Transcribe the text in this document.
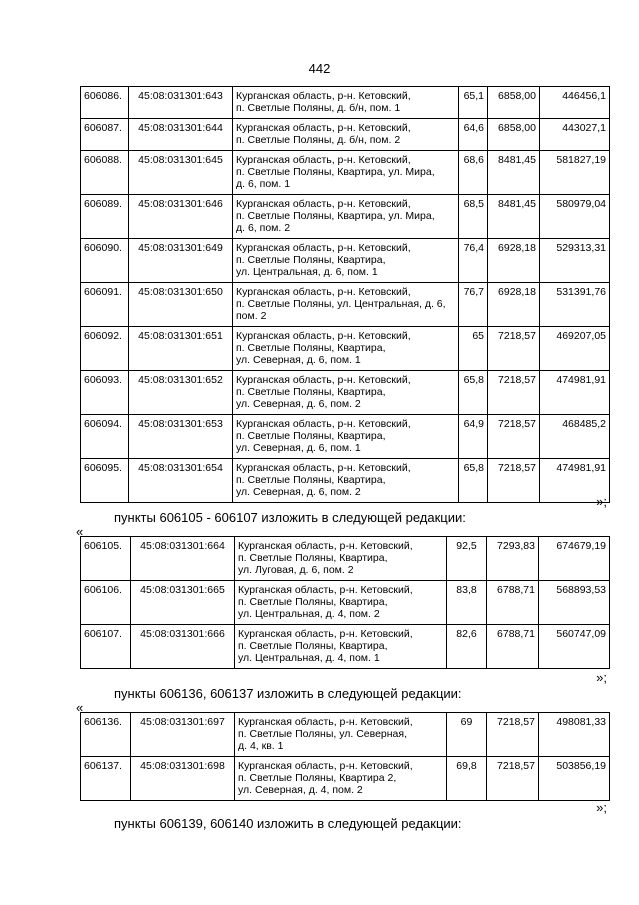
442
606086.	45:08:031301:643	Курганская область, р-н. Кетовский,
п. Светлые Поляны, д. б/н, пом. 1	65,1	6858,00	446456,1
606087.	45:08:031301:644	Курганская область, р-н. Кетовский,
п. Светлые Поляны, д. б/н, пом. 2	64,6	6858,00	443027,1
606088.	45:08:031301:645	Курганская область, р-н. Кетовский,
п. Светлые Поляны, Квартира, ул. Мира,
д. 6, пом. 1	68,6	8481,45	581827,19
606089.	45:08:031301:646	Курганская область, р-н. Кетовский,
п. Светлые Поляны, Квартира, ул. Мира,
д. 6, пом. 2	68,5	8481,45	580979,04
606090.	45:08:031301:649	Курганская область, р-н. Кетовский,
п. Светлые Поляны, Квартира,
ул. Центральная, д. 6, пом. 1	76,4	6928,18	529313,31
606091.	45:08:031301:650	Курганская область, р-н. Кетовский,
п. Светлые Поляны, ул. Центральная, д. 6,
пом. 2	76,7	6928,18	531391,76
606092.	45:08:031301:651	Курганская область, р-н. Кетовский,
п. Светлые Поляны, Квартира,
ул. Северная, д. 6, пом. 1	65	7218,57	469207,05
606093.	45:08:031301:652	Курганская область, р-н. Кетовский,
п. Светлые Поляны, Квартира,
ул. Северная, д. 6, пом. 2	65,8	7218,57	474981,91
606094.	45:08:031301:653	Курганская область, р-н. Кетовский,
п. Светлые Поляны, Квартира,
ул. Северная, д. 6, пом. 1	64,9	7218,57	468485,2
606095.	45:08:031301:654	Курганская область, р-н. Кетовский,
п. Светлые Поляны, Квартира,
ул. Северная, д. 6, пом. 2	65,8	7218,57	474981,91
»;
пункты 606105 - 606107 изложить в следующей редакции:
«
606105.	45:08:031301:664	Курганская область, р-н. Кетовский,
п. Светлые Поляны, Квартира,
ул. Луговая, д. 6, пом. 2	92,5	7293,83	674679,19
606106.	45:08:031301:665	Курганская область, р-н. Кетовский,
п. Светлые Поляны, Квартира,
ул. Центральная, д. 4, пом. 2	83,8	6788,71	568893,53
606107.	45:08:031301:666	Курганская область, р-н. Кетовский,
п. Светлые Поляны, Квартира,
ул. Центральная, д. 4, пом. 1	82,6	6788,71	560747,09
»;
пункты 606136, 606137 изложить в следующей редакции:
«
606136.	45:08:031301:697	Курганская область, р-н. Кетовский,
п. Светлые Поляны, ул. Северная,
д. 4, кв. 1	69	7218,57	498081,33
606137.	45:08:031301:698	Курганская область, р-н. Кетовский,
п. Светлые Поляны, Квартира 2,
ул. Северная, д. 4, пом. 2	69,8	7218,57	503856,19
»;
пункты 606139, 606140 изложить в следующей редакции:
